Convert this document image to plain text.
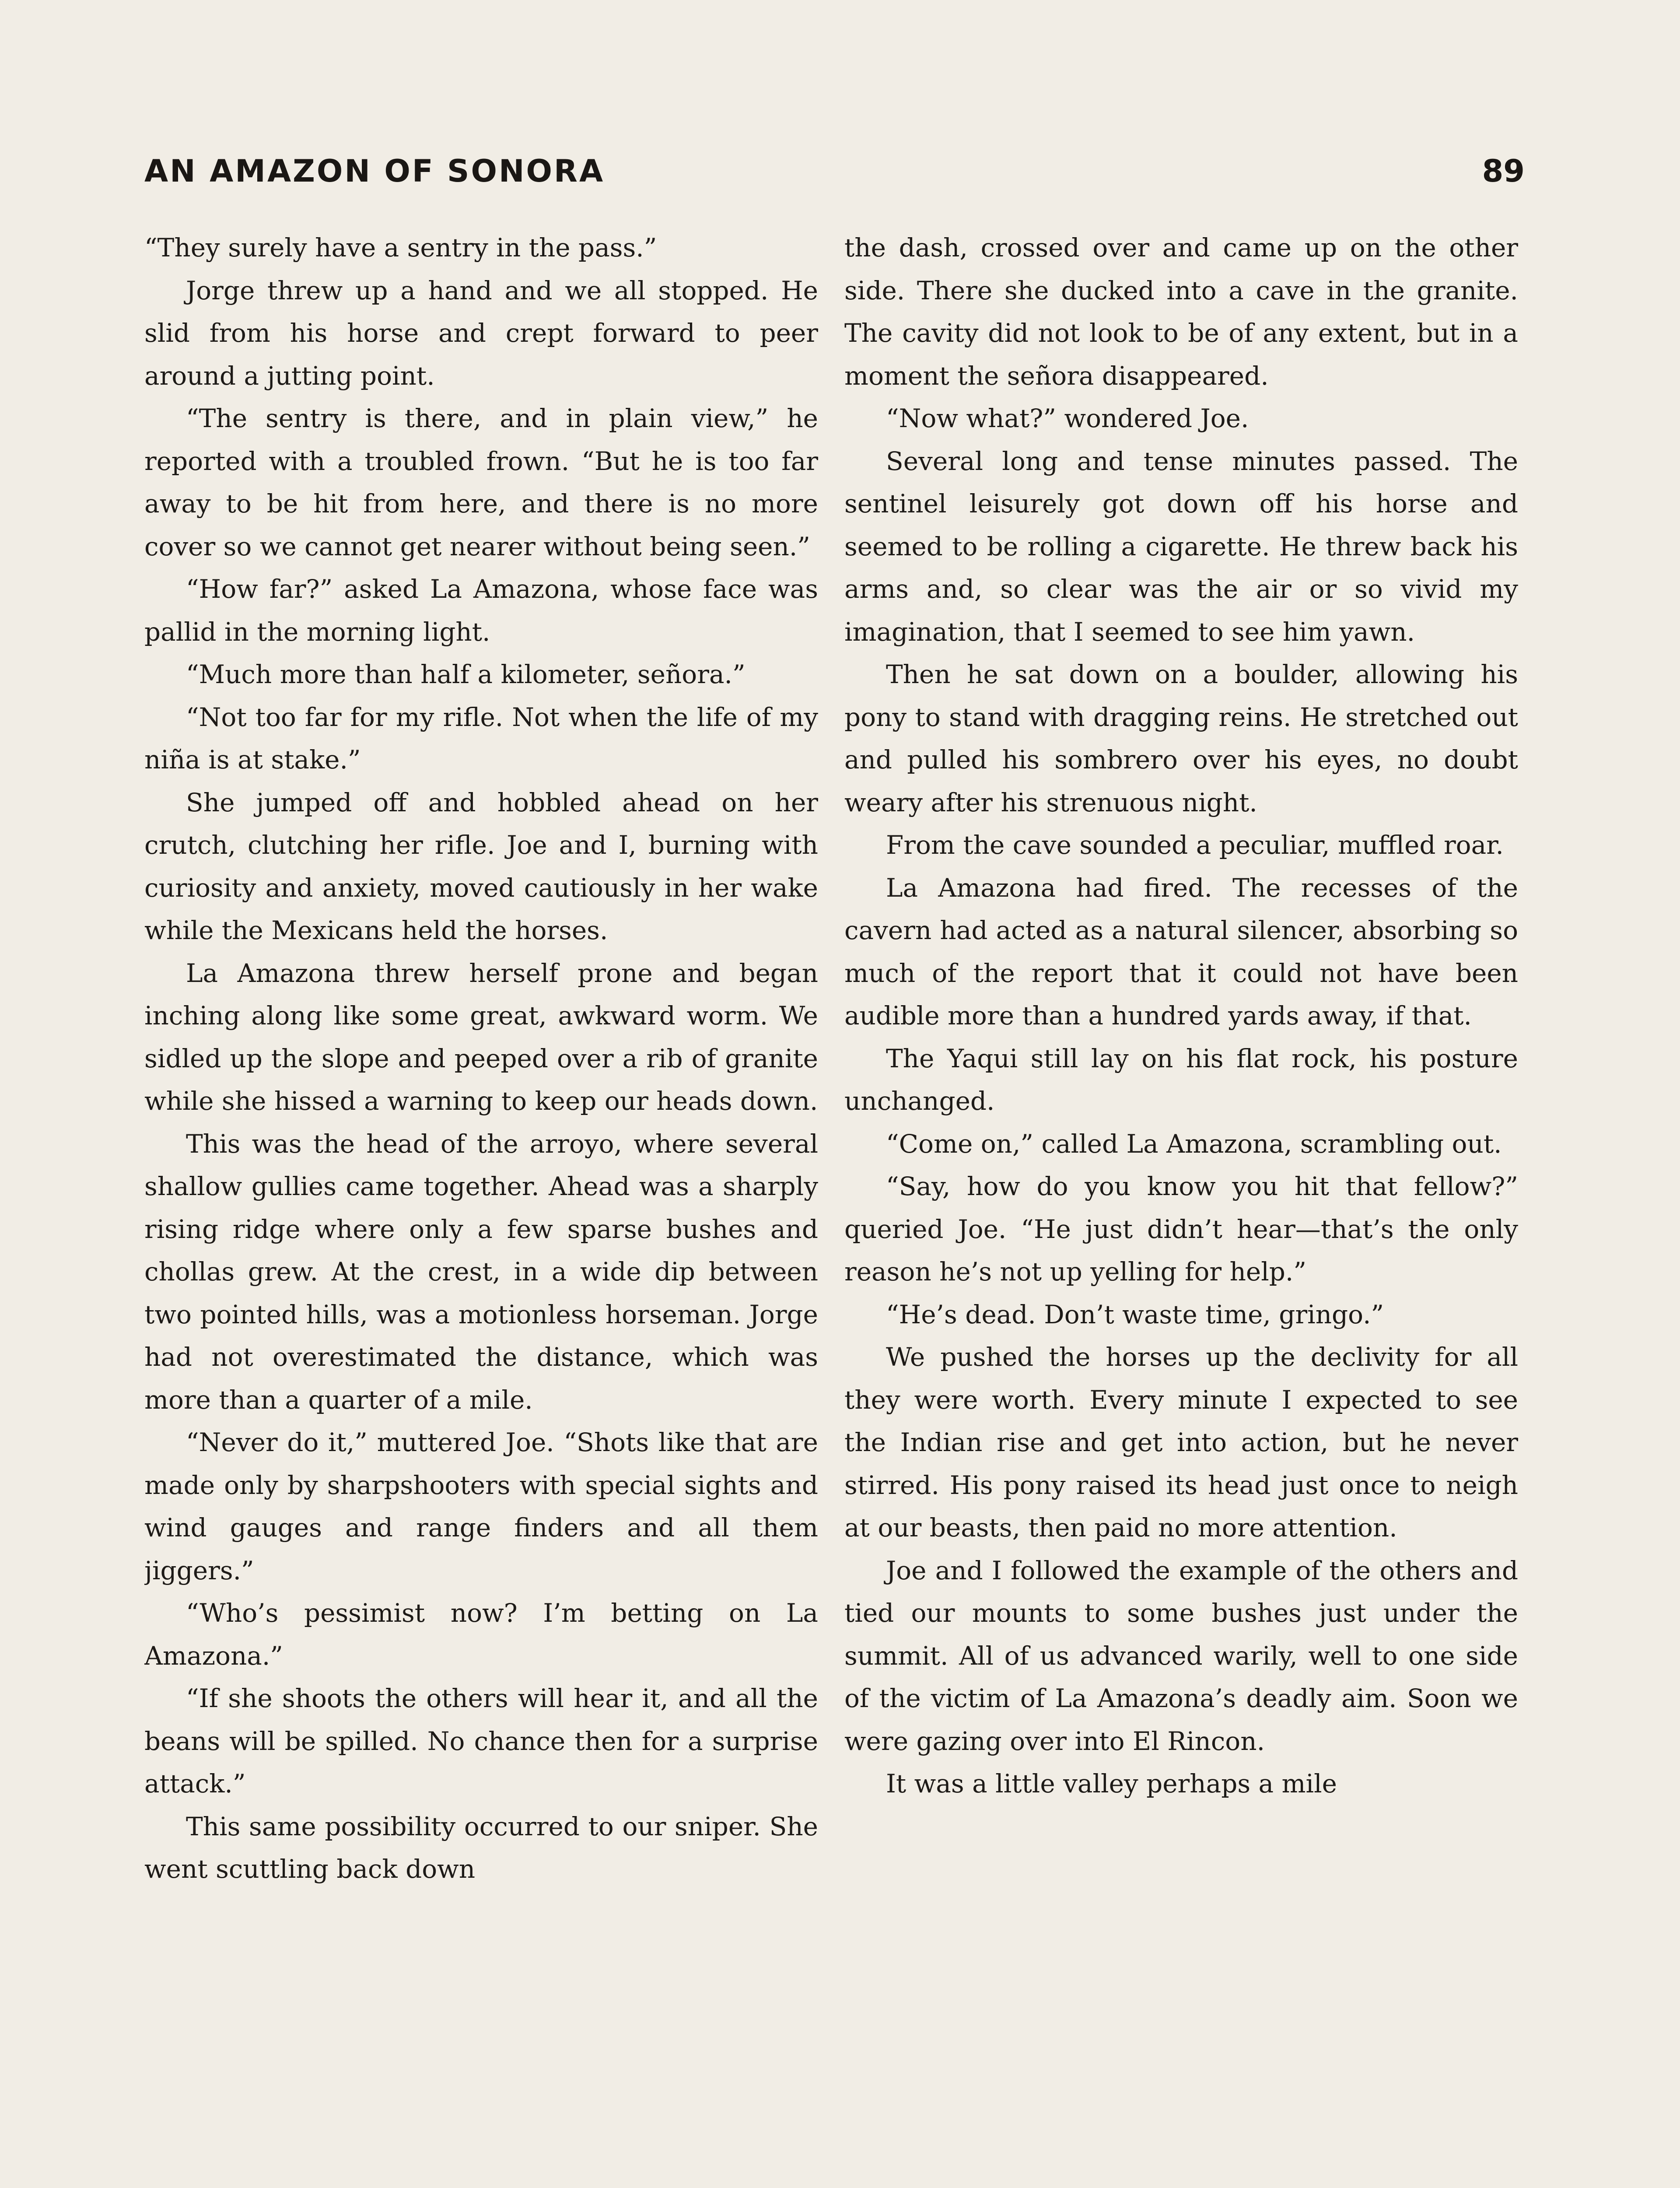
AN AMAZON OF SONORA	89

“They surely have a sentry in the pass.”

Jorge threw up a hand and we all stopped. He slid from his horse and crept forward to peer around a jutting point.

“The sentry is there, and in plain view,” he reported with a troubled frown. “But he is too far away to be hit from here, and there is no more cover so we cannot get nearer without being seen.”

“How far?” asked La Amazona, whose face was pallid in the morning light.

“Much more than half a kilometer, señora.”

“Not too far for my rifle. Not when the life of my niña is at stake.”

She jumped off and hobbled ahead on her crutch, clutching her rifle. Joe and I, burning with curiosity and anxiety, moved cautiously in her wake while the Mexicans held the horses.

La Amazona threw herself prone and began inching along like some great, awkward worm. We sidled up the slope and peeped over a rib of granite while she hissed a warning to keep our heads down.

This was the head of the arroyo, where several shallow gullies came together. Ahead was a sharply rising ridge where only a few sparse bushes and chollas grew. At the crest, in a wide dip between two pointed hills, was a motionless horseman. Jorge had not overestimated the distance, which was more than a quarter of a mile.

“Never do it,” muttered Joe. “Shots like that are made only by sharpshooters with special sights and wind gauges and range finders and all them jiggers.”

“Who’s pessimist now? I’m betting on La Amazona.”

“If she shoots the others will hear it, and all the beans will be spilled. No chance then for a surprise attack.”

This same possibility occurred to our sniper. She went scuttling back down

the dash, crossed over and came up on the other side. There she ducked into a cave in the granite. The cavity did not look to be of any extent, but in a moment the señora disappeared.

“Now what?” wondered Joe.

Several long and tense minutes passed. The sentinel leisurely got down off his horse and seemed to be rolling a cigarette. He threw back his arms and, so clear was the air or so vivid my imagination, that I seemed to see him yawn.

Then he sat down on a boulder, allowing his pony to stand with dragging reins. He stretched out and pulled his sombrero over his eyes, no doubt weary after his strenuous night.

From the cave sounded a peculiar, muffled roar.

La Amazona had fired. The recesses of the cavern had acted as a natural silencer, absorbing so much of the report that it could not have been audible more than a hundred yards away, if that.

The Yaqui still lay on his flat rock, his posture unchanged.

“Come on,” called La Amazona, scrambling out.

“Say, how do you know you hit that fellow?” queried Joe. “He just didn’t hear—that’s the only reason he’s not up yelling for help.”

“He’s dead. Don’t waste time, gringo.”

We pushed the horses up the declivity for all they were worth. Every minute I expected to see the Indian rise and get into action, but he never stirred. His pony raised its head just once to neigh at our beasts, then paid no more attention.

Joe and I followed the example of the others and tied our mounts to some bushes just under the summit. All of us advanced warily, well to one side of the victim of La Amazona’s deadly aim. Soon we were gazing over into El Rincon.

It was a little valley perhaps a mile
